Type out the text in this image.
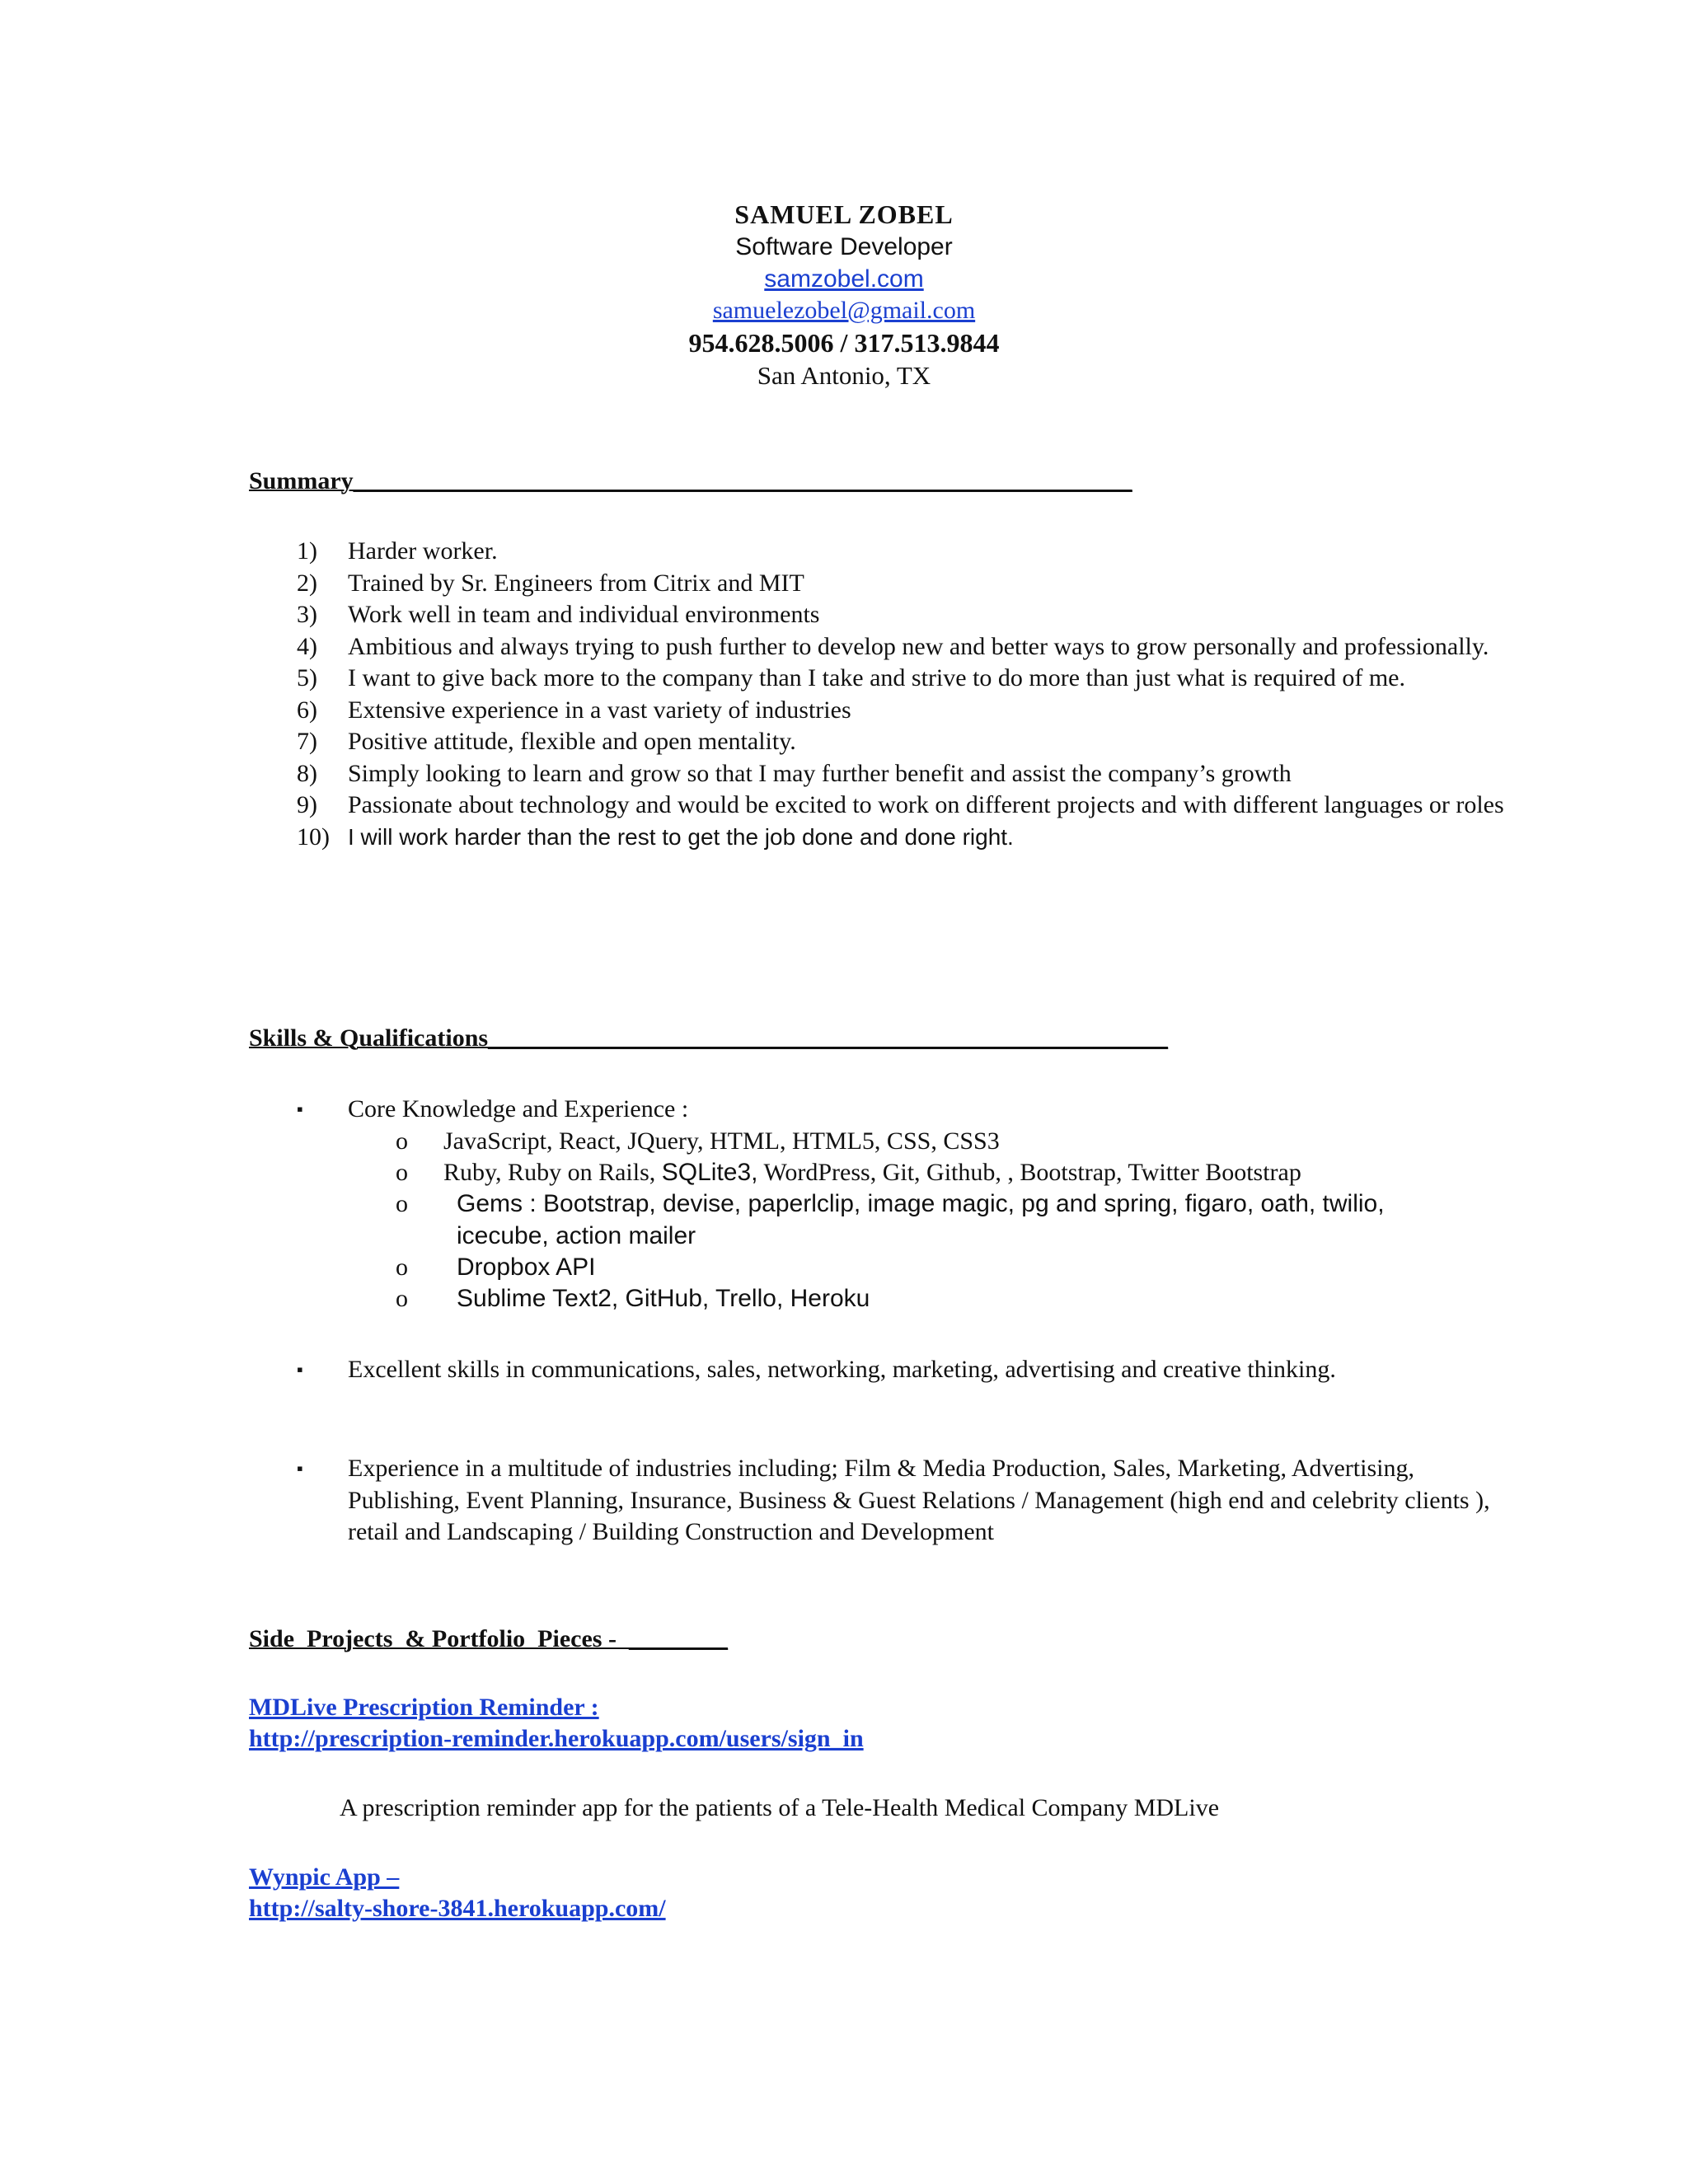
SAMUEL ZOBEL
Software Developer
samzobel.com
samuelezobel@gmail.com
954.628.5006 / 317.513.9844
San Antonio, TX
Summary_______________________________________________________________
1) Harder worker.
2) Trained by Sr. Engineers from Citrix and MIT
3) Work well in team and individual environments
4) Ambitious and always trying to push further to develop new and better ways to grow personally and professionally.
5) I want to give back more to the company than I take and strive to do more than just what is required of me.
6) Extensive experience in a vast variety of industries
7) Positive attitude, flexible and open mentality.
8) Simply looking to learn and grow so that I may further benefit and assist the company’s growth
9) Passionate about technology and would be excited to work on different projects and with different languages or roles
10) I will work harder than the rest to get the job done and done right.
Skills & Qualifications_______________________________________________________
▪ Core Knowledge and Experience :
o JavaScript, React, JQuery, HTML, HTML5, CSS, CSS3
o Ruby, Ruby on Rails, SQLite3, WordPress, Git, Github, , Bootstrap, Twitter Bootstrap
o Gems : Bootstrap, devise, paperlclip, image magic, pg and spring, figaro, oath, twilio, icecube, action mailer
o Dropbox API
o Sublime Text2, GitHub, Trello, Heroku
▪ Excellent skills in communications, sales, networking, marketing, advertising and creative thinking.
▪ Experience in a multitude of industries including; Film & Media Production, Sales, Marketing, Advertising, Publishing, Event Planning, Insurance, Business & Guest Relations / Management (high end and celebrity clients ), retail and Landscaping / Building Construction and Development
Side  Projects  & Portfolio  Pieces -  ________
MDLive Prescription Reminder :
http://prescription-reminder.herokuapp.com/users/sign_in
A prescription reminder app for the patients of a Tele-Health Medical Company MDLive
Wynpic App –
http://salty-shore-3841.herokuapp.com/
